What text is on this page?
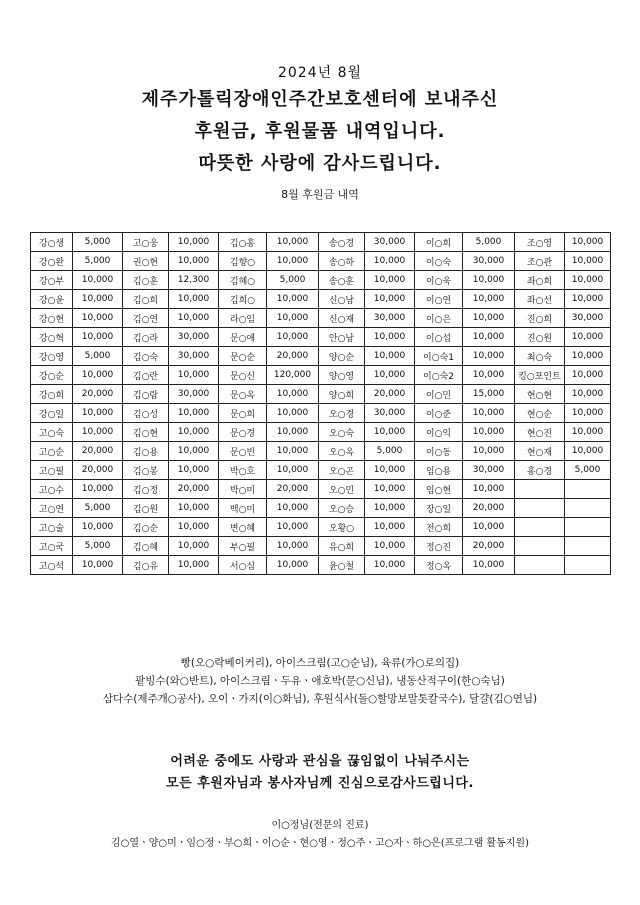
2024년 8월
제주가톨릭장애인주간보호센터에 보내주신
후원금, 후원물품 내역입니다.
따뜻한 사랑에 감사드립니다.
8월 후원금 내역
강○생	5,000	고○웅	10,000	김○홍	10,000	송○경	30,000	이○희	5,000	조○영	10,000
강○완	5,000	권○현	10,000	김향○	10,000	송○하	10,000	이○숙	30,000	조○관	10,000
강○부	10,000	김○훈	12,300	김혜○	5,000	송○훈	10,000	이○욱	10,000	좌○희	10,000
강○윤	10,000	김○희	10,000	김희○	10,000	신○남	10,000	이○연	10,000	좌○선	10,000
강○현	10,000	김○연	10,000	라○임	10,000	신○재	30,000	이○은	10,000	진○희	30,000
강○혁	10,000	김○라	30,000	문○애	10,000	안○남	10,000	이○섭	10,000	진○원	10,000
강○영	5,000	김○숙	30,000	문○순	20,000	양○순	10,000	이○숙1	10,000	최○숙	10,000
강○순	10,000	김○란	10,000	문○신	120,000	양○영	10,000	이○숙2	10,000	킹○포인트	10,000
강○희	20,000	김○람	30,000	문○옥	10,000	양○희	20,000	이○민	15,000	현○현	10,000
강○일	10,000	김○성	10,000	문○희	10,000	오○경	30,000	이○준	10,000	현○순	10,000
고○숙	10,000	김○현	10,000	문○경	10,000	오○숙	10,000	이○익	10,000	현○진	10,000
고○순	20,000	김○용	10,000	문○빈	10,000	오○옥	5,000	이○동	10,000	현○재	10,000
고○필	20,000	김○봉	10,000	박○호	10,000	오○곤	10,000	임○용	30,000	홍○경	5,000
고○수	10,000	김○정	20,000	박○미	20,000	오○민	10,000	임○현	10,000		
고○연	5,000	김○원	10,000	백○미	10,000	오○승	10,000	장○일	20,000		
고○술	10,000	김○순	10,000	변○혜	10,000	오황○	10,000	전○희	10,000		
고○국	5,000	김○혜	10,000	부○필	10,000	유○희	10,000	정○진	20,000		
고○석	10,000	김○유	10,000	서○심	10,000	윤○철	10,000	정○옥	10,000		
빵(오○락베이커리), 아이스크림(고○순님), 육류(가○로의집)
팥빙수(와○반트), 아이스크림ㆍ두유ㆍ애호박(문○신님), 냉동산적구이(한○숙님)
삼다수(제주개○공사), 오이ㆍ가지(이○화님), 후원식사(돌○할망보말톳칼국수), 달걀(김○연님)
어려운 중에도 사랑과 관심을 끊임없이 나눠주시는
모든 후원자님과 봉사자님께 진심으로감사드립니다.
이○정님(전문의 진료)
김○열ㆍ양○미ㆍ임○정ㆍ부○희ㆍ이○순ㆍ현○영ㆍ정○주ㆍ고○자ㆍ하○은(프로그램 활동지원)
